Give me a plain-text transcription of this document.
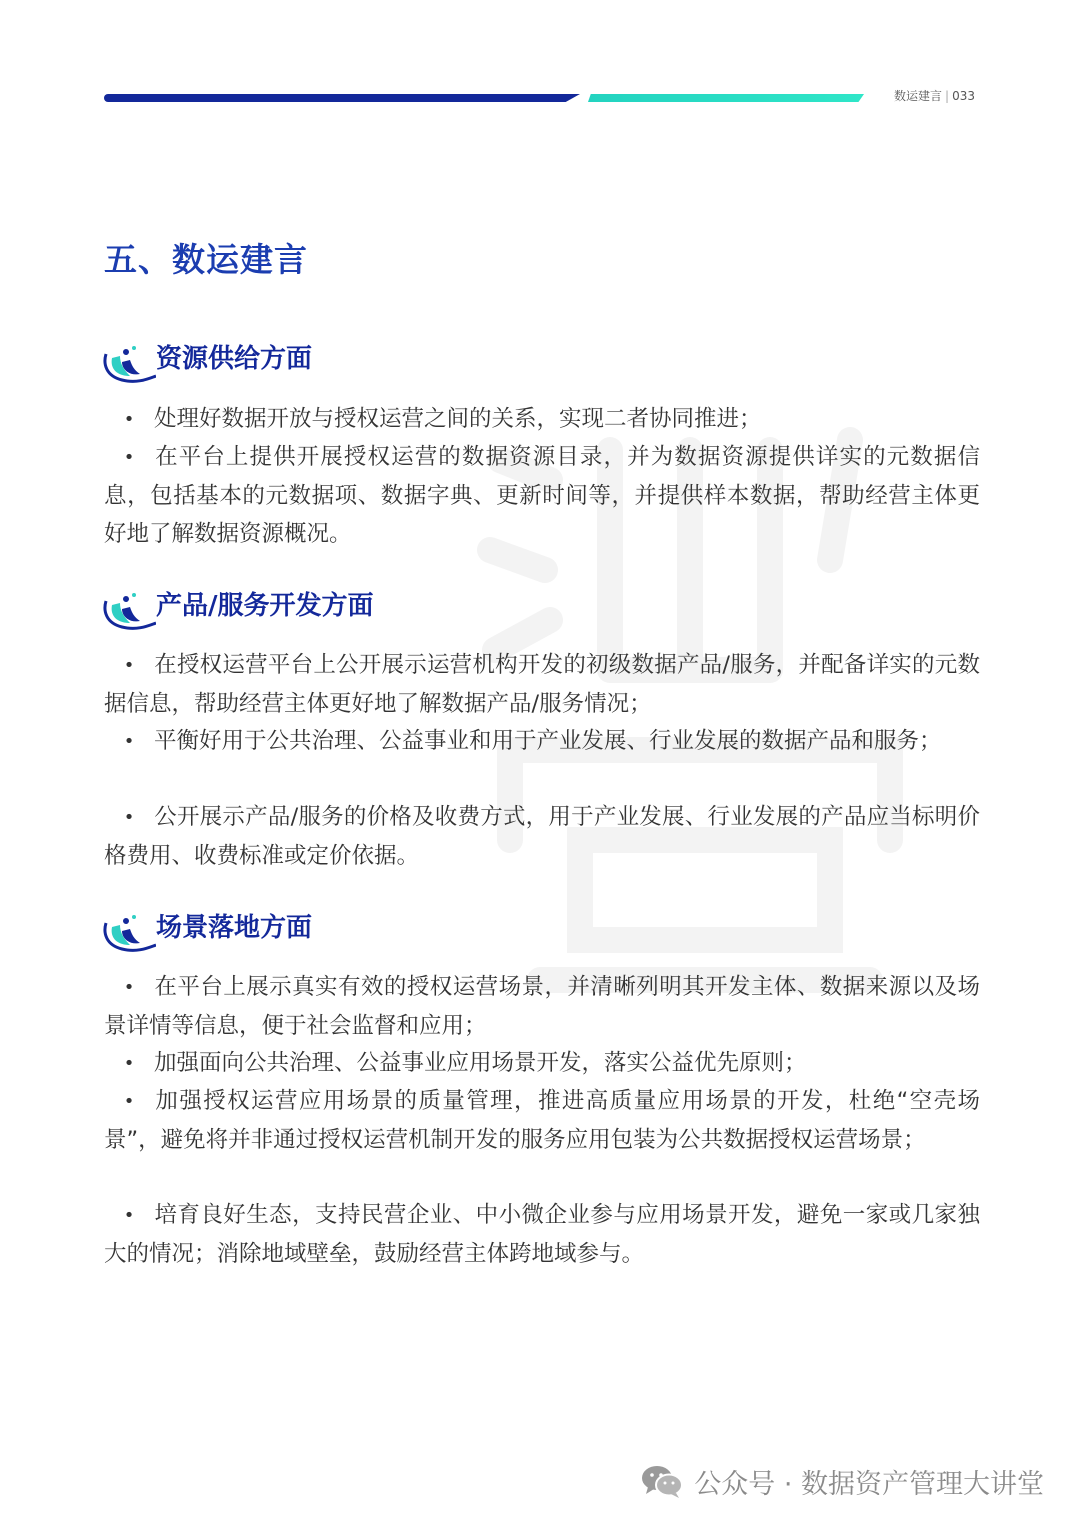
数运建言 | 033
五、数运建言
资源供给方面

• 处理好数据开放与授权运营之间的关系，实现二者协同推进；

• 在平台上提供开展授权运营的数据资源目录，并为数据资源提供详实的元数据信息，包括基本的元数据项、数据字典、更新时间等，并提供样本数据，帮助经营主体更好地了解数据资源概况。

产品/服务开发方面

• 在授权运营平台上公开展示运营机构开发的初级数据产品/服务，并配备详实的元数据信息，帮助经营主体更好地了解数据产品/服务情况；

• 平衡好用于公共治理、公益事业和用于产业发展、行业发展的数据产品和服务；

• 公开展示产品/服务的价格及收费方式，用于产业发展、行业发展的产品应当标明价格费用、收费标准或定价依据。

场景落地方面

• 在平台上展示真实有效的授权运营场景，并清晰列明其开发主体、数据来源以及场景详情等信息，便于社会监督和应用；

• 加强面向公共治理、公益事业应用场景开发，落实公益优先原则；

• 加强授权运营应用场景的质量管理，推进高质量应用场景的开发，杜绝“空壳场景”，避免将并非通过授权运营机制开发的服务应用包装为公共数据授权运营场景；

• 培育良好生态，支持民营企业、中小微企业参与应用场景开发，避免一家或几家独大的情况；消除地域壁垒，鼓励经营主体跨地域参与。

公众号 · 数据资产管理大讲堂
